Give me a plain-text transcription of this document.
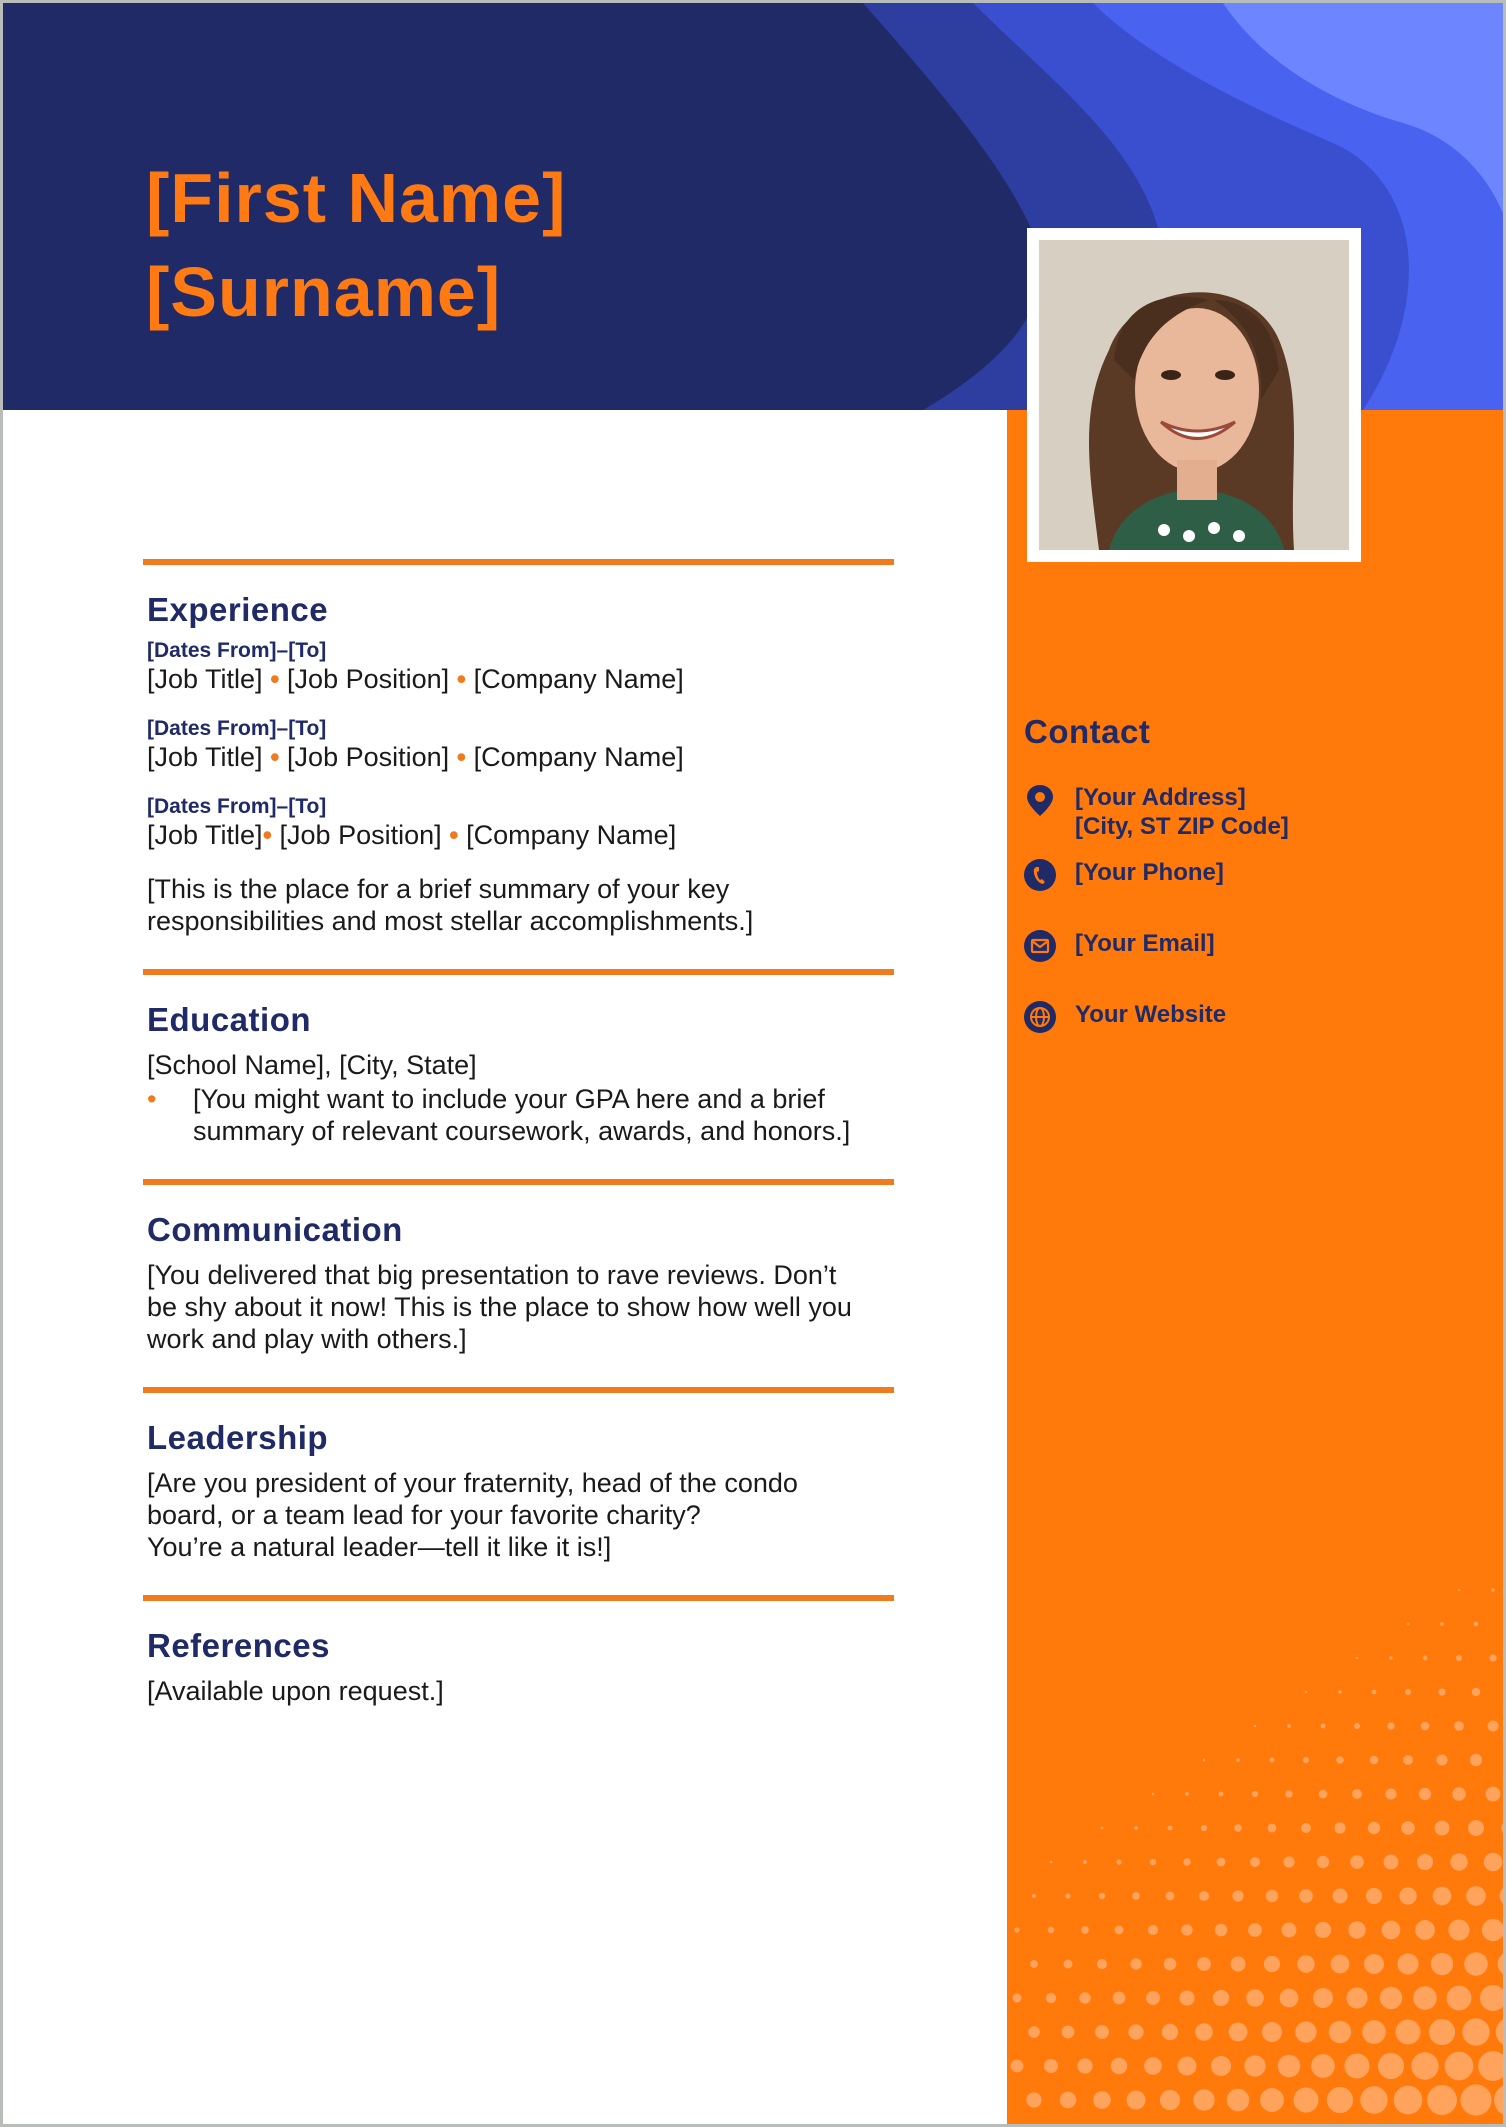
[First Name]
[Surname]
Experience
[Dates From]–[To]
[Job Title] • [Job Position] • [Company Name]
[Dates From]–[To]
[Job Title] • [Job Position] • [Company Name]
[Dates From]–[To]
[Job Title]• [Job Position] • [Company Name]
[This is the place for a brief summary of your key
responsibilities and most stellar accomplishments.]
Education
[School Name], [City, State]
•	[You might want to include your GPA here and a brief
summary of relevant coursework, awards, and honors.]
Communication
[You delivered that big presentation to rave reviews. Don’t
be shy about it now! This is the place to show how well you
work and play with others.]
Leadership
[Are you president of your fraternity, head of the condo
board, or a team lead for your favorite charity?
You’re a natural leader—tell it like it is!]
References
[Available upon request.]
Contact
[Your Address]
[City, ST ZIP Code]
[Your Phone]
[Your Email]
Your Website
